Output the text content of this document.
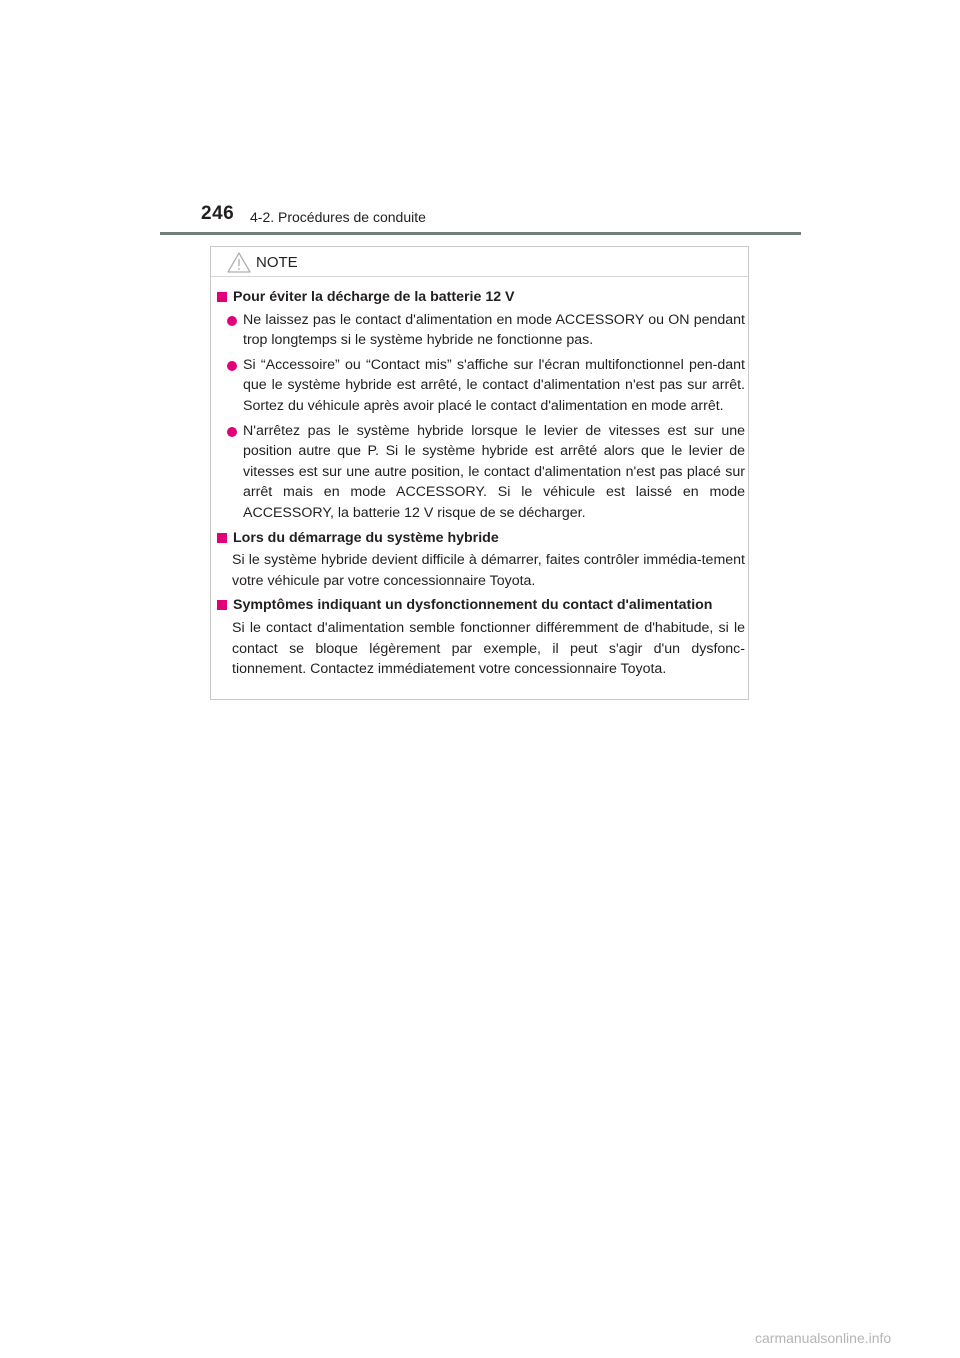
246 4-2. Procédures de conduite
NOTE
Pour éviter la décharge de la batterie 12 V
Ne laissez pas le contact d'alimentation en mode ACCESSORY ou ON pendant trop longtemps si le système hybride ne fonctionne pas.
Si “Accessoire” ou “Contact mis” s'affiche sur l'écran multifonctionnel pen-dant que le système hybride est arrêté, le contact d'alimentation n'est pas sur arrêt. Sortez du véhicule après avoir placé le contact d'alimentation en mode arrêt.
N'arrêtez pas le système hybride lorsque le levier de vitesses est sur une position autre que P. Si le système hybride est arrêté alors que le levier de vitesses est sur une autre position, le contact d'alimentation n'est pas placé sur arrêt mais en mode ACCESSORY. Si le véhicule est laissé en mode ACCESSORY, la batterie 12 V risque de se décharger.
Lors du démarrage du système hybride
Si le système hybride devient difficile à démarrer, faites contrôler immédia-tement votre véhicule par votre concessionnaire Toyota.
Symptômes indiquant un dysfonctionnement du contact d'alimentation
Si le contact d'alimentation semble fonctionner différemment de d'habitude, si le contact se bloque légèrement par exemple, il peut s'agir d'un dysfonc-tionnement. Contactez immédiatement votre concessionnaire Toyota.
carmanualsonline.info
